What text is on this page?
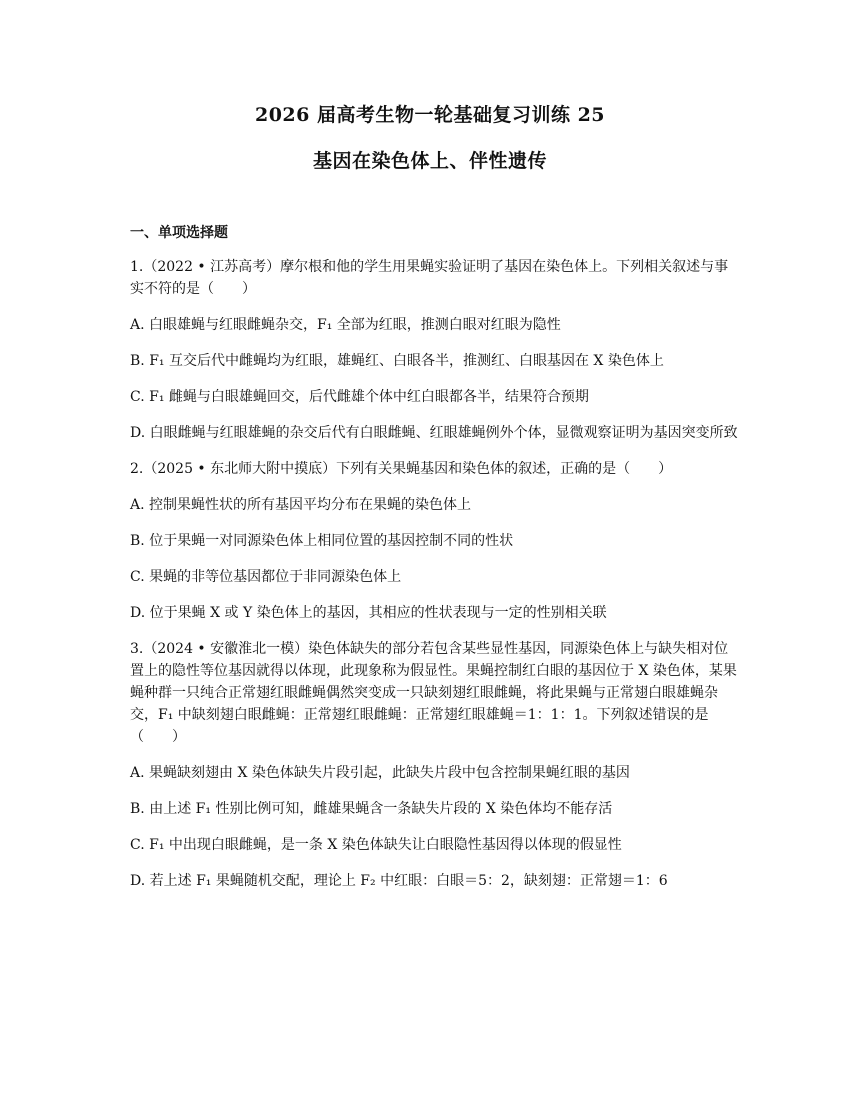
2026 届高考生物一轮基础复习训练 25
基因在染色体上、伴性遗传
一、单项选择题

1.（2022 • 江苏高考）摩尔根和他的学生用果蝇实验证明了基因在染色体上。下列相关叙述与事实不符的是（　　）

A. 白眼雄蝇与红眼雌蝇杂交，F₁ 全部为红眼，推测白眼对红眼为隐性

B. F₁ 互交后代中雌蝇均为红眼，雄蝇红、白眼各半，推测红、白眼基因在 X 染色体上

C. F₁ 雌蝇与白眼雄蝇回交，后代雌雄个体中红白眼都各半，结果符合预期

D. 白眼雌蝇与红眼雄蝇的杂交后代有白眼雌蝇、红眼雄蝇例外个体，显微观察证明为基因突变所致

2.（2025 • 东北师大附中摸底）下列有关果蝇基因和染色体的叙述，正确的是（　　）

A. 控制果蝇性状的所有基因平均分布在果蝇的染色体上

B. 位于果蝇一对同源染色体上相同位置的基因控制不同的性状

C. 果蝇的非等位基因都位于非同源染色体上

D. 位于果蝇 X 或 Y 染色体上的基因，其相应的性状表现与一定的性别相关联

3.（2024 • 安徽淮北一模）染色体缺失的部分若包含某些显性基因，同源染色体上与缺失相对位置上的隐性等位基因就得以体现，此现象称为假显性。果蝇控制红白眼的基因位于 X 染色体，某果蝇种群一只纯合正常翅红眼雌蝇偶然突变成一只缺刻翅红眼雌蝇，将此果蝇与正常翅白眼雄蝇杂交，F₁ 中缺刻翅白眼雌蝇：正常翅红眼雌蝇：正常翅红眼雄蝇＝1：1：1。下列叙述错误的是（　　）

A. 果蝇缺刻翅由 X 染色体缺失片段引起，此缺失片段中包含控制果蝇红眼的基因

B. 由上述 F₁ 性别比例可知，雌雄果蝇含一条缺失片段的 X 染色体均不能存活

C. F₁ 中出现白眼雌蝇，是一条 X 染色体缺失让白眼隐性基因得以体现的假显性

D. 若上述 F₁ 果蝇随机交配，理论上 F₂ 中红眼：白眼＝5：2，缺刻翅：正常翅＝1：6
